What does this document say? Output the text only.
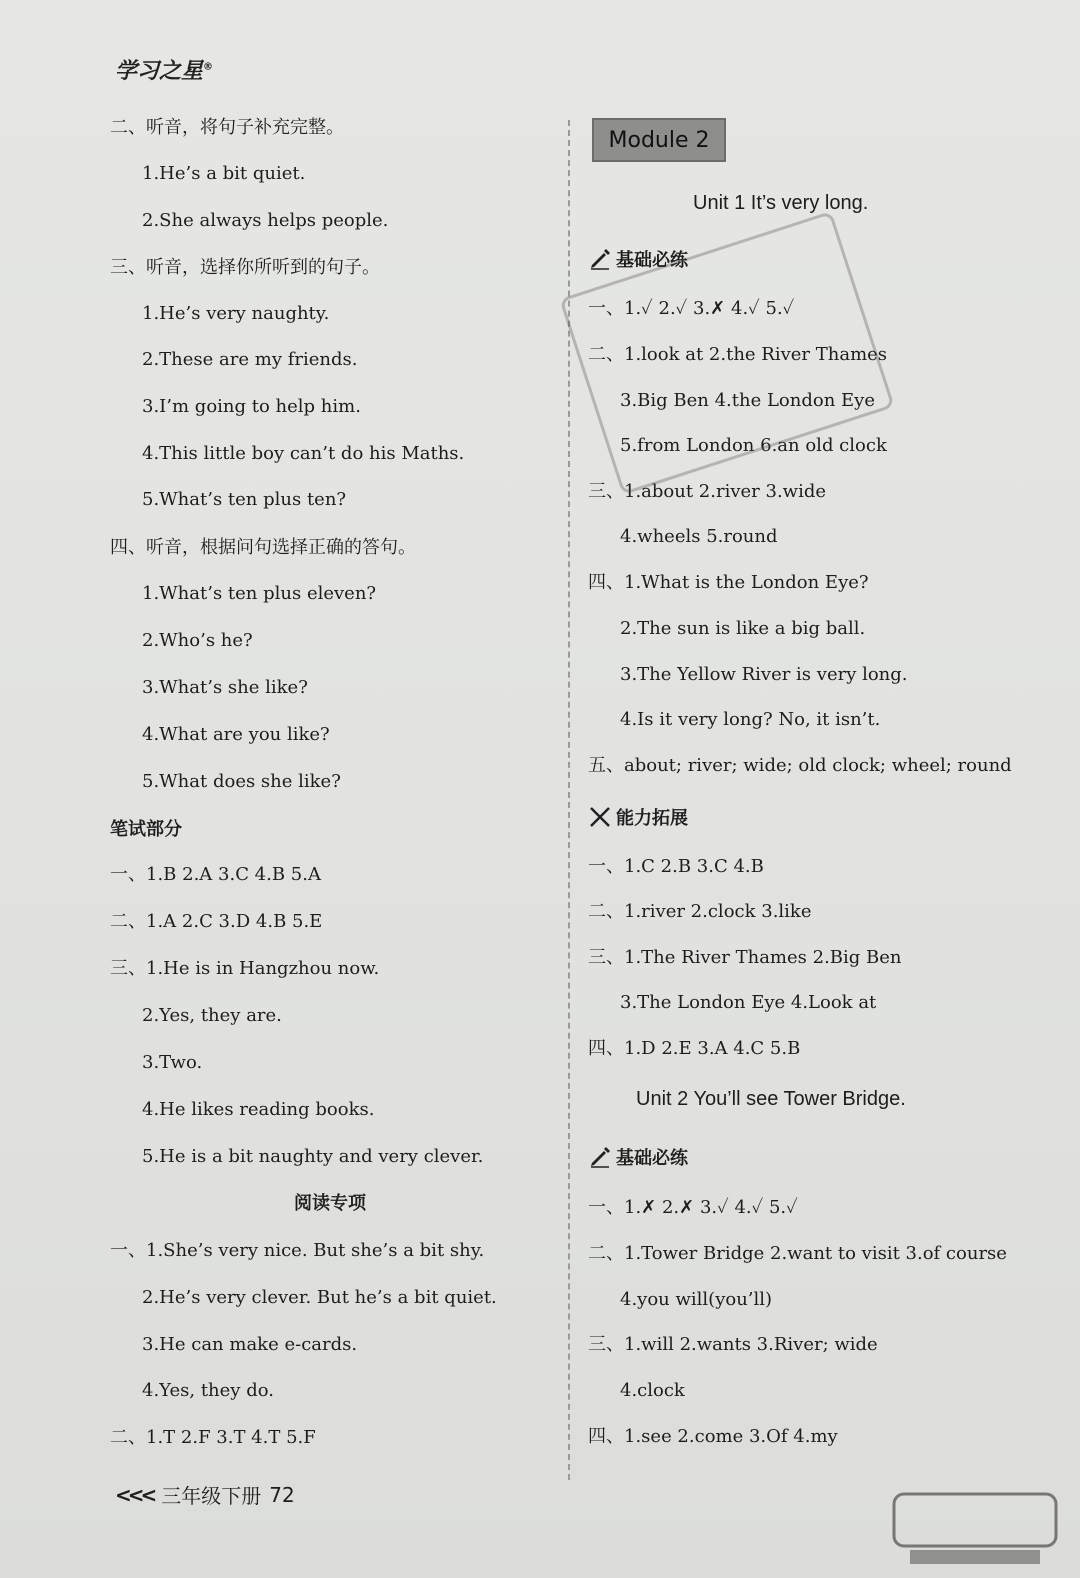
学习之星®
二、听音，将句子补充完整。
1.He’s a bit quiet.
2.She always helps people.
三、听音，选择你所听到的句子。
1.He’s very naughty.
2.These are my friends.
3.I’m going to help him.
4.This little boy can’t do his Maths.
5.What’s ten plus ten?
四、听音，根据问句选择正确的答句。
1.What’s ten plus eleven?
2.Who’s he?
3.What’s she like?
4.What are you like?
5.What does she like?
笔试部分
一、1.B 2.A 3.C 4.B 5.A
二、1.A 2.C 3.D 4.B 5.E
三、1.He is in Hangzhou now.
2.Yes, they are.
3.Two.
4.He likes reading books.
5.He is a bit naughty and very clever.
阅读专项
一、1.She’s very nice. But she’s a bit shy.
2.He’s very clever. But he’s a bit quiet.
3.He can make e-cards.
4.Yes, they do.
二、1.T 2.F 3.T 4.T 5.F
Module 2
Unit 1 It’s very long.
基础必练
一、1.✓ 2.✓ 3.✗ 4.✓ 5.✓
二、1.look at 2.the River Thames
3.Big Ben 4.the London Eye
5.from London 6.an old clock
三、1.about 2.river 3.wide
4.wheels 5.round
四、1.What is the London Eye?
2.The sun is like a big ball.
3.The Yellow River is very long.
4.Is it very long? No, it isn’t.
五、about; river; wide; old clock; wheel; round
能力拓展
一、1.C 2.B 3.C 4.B
二、1.river 2.clock 3.like
三、1.The River Thames 2.Big Ben
3.The London Eye 4.Look at
四、1.D 2.E 3.A 4.C 5.B
Unit 2 You’ll see Tower Bridge.
基础必练
一、1.✗ 2.✗ 3.✓ 4.✓ 5.✓
二、1.Tower Bridge 2.want to visit 3.of course
4.you will(you’ll)
三、1.will 2.wants 3.River; wide
4.clock
四、1.see 2.come 3.Of 4.my
<<< 三年级下册 72
